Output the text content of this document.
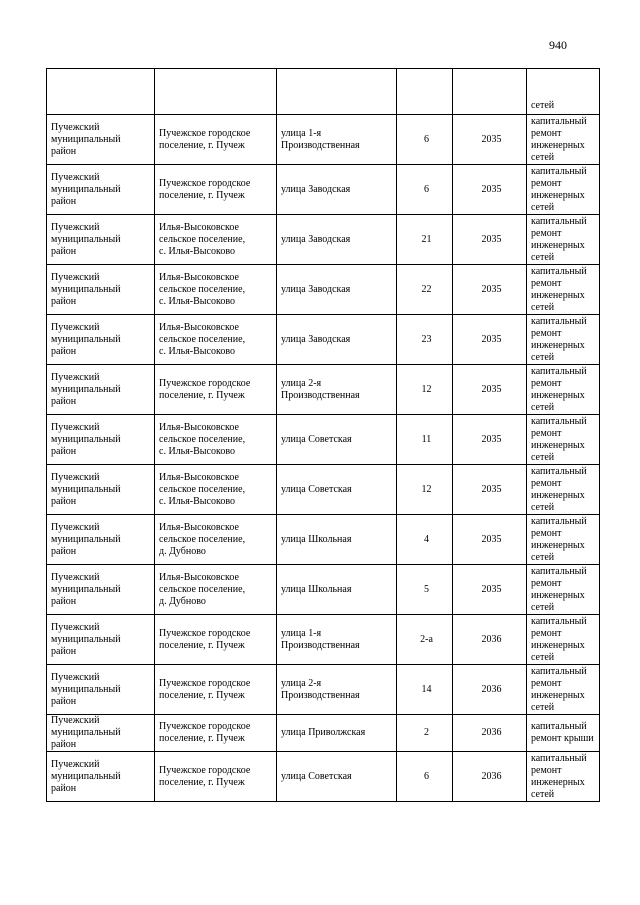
940

					сетей

Пучежский
муниципальный
район	Пучежское городское
поселение, г. Пучеж	улица 1-я
Производственная	6	2035	капитальный
ремонт
инженерных
сетей

Пучежский
муниципальный
район	Пучежское городское
поселение, г. Пучеж	улица Заводская	6	2035	капитальный
ремонт
инженерных
сетей

Пучежский
муниципальный
район	Илья-Высоковское
сельское поселение,
с. Илья-Высоково	улица Заводская	21	2035	капитальный
ремонт
инженерных
сетей

Пучежский
муниципальный
район	Илья-Высоковское
сельское поселение,
с. Илья-Высоково	улица Заводская	22	2035	капитальный
ремонт
инженерных
сетей

Пучежский
муниципальный
район	Илья-Высоковское
сельское поселение,
с. Илья-Высоково	улица Заводская	23	2035	капитальный
ремонт
инженерных
сетей

Пучежский
муниципальный
район	Пучежское городское
поселение, г. Пучеж	улица 2-я
Производственная	12	2035	капитальный
ремонт
инженерных
сетей

Пучежский
муниципальный
район	Илья-Высоковское
сельское поселение,
с. Илья-Высоково	улица Советская	11	2035	капитальный
ремонт
инженерных
сетей

Пучежский
муниципальный
район	Илья-Высоковское
сельское поселение,
с. Илья-Высоково	улица Советская	12	2035	капитальный
ремонт
инженерных
сетей

Пучежский
муниципальный
район	Илья-Высоковское
сельское поселение,
д. Дубново	улица Школьная	4	2035	капитальный
ремонт
инженерных
сетей

Пучежский
муниципальный
район	Илья-Высоковское
сельское поселение,
д. Дубново	улица Школьная	5	2035	капитальный
ремонт
инженерных
сетей

Пучежский
муниципальный
район	Пучежское городское
поселение, г. Пучеж	улица 1-я
Производственная	2-а	2036	капитальный
ремонт
инженерных
сетей

Пучежский
муниципальный
район	Пучежское городское
поселение, г. Пучеж	улица 2-я
Производственная	14	2036	капитальный
ремонт
инженерных
сетей

Пучежский
муниципальный
район	Пучежское городское
поселение, г. Пучеж	улица Приволжская	2	2036	капитальный
ремонт крыши

Пучежский
муниципальный
район	Пучежское городское
поселение, г. Пучеж	улица Советская	6	2036	капитальный
ремонт
инженерных
сетей
